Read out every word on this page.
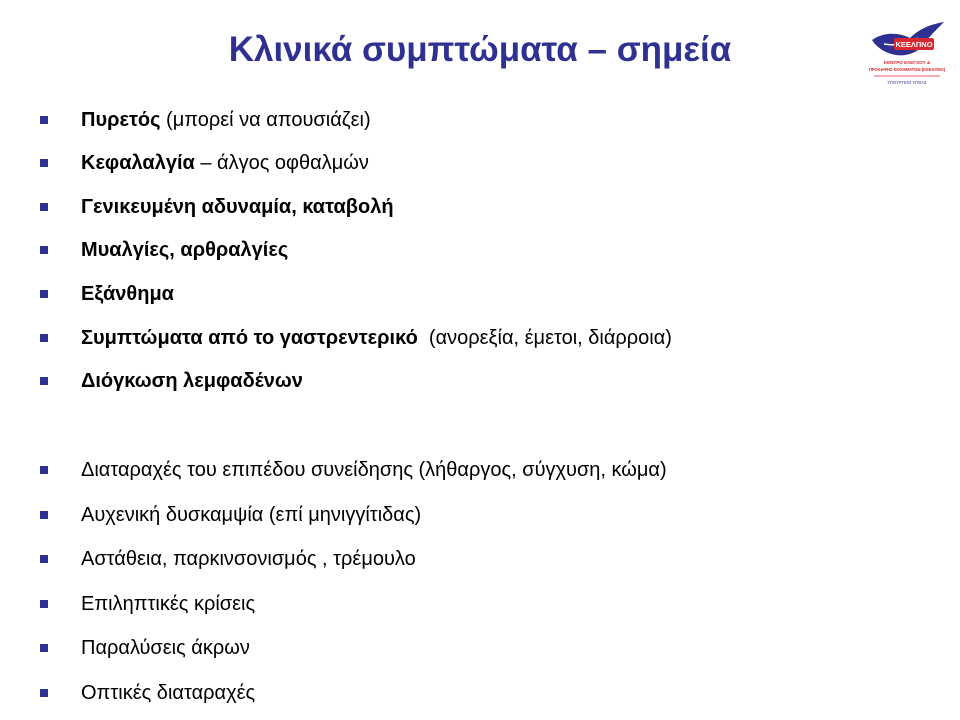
Κλινικά συμπτώματα – σημεία	ΚΕΕΛΠΝΟ
ΚΕΝΤΡΟ ΕΛΕΓΧΟΥ &
ΠΡΟΛΗΨΗΣ ΝΟΣΗΜΑΤΩΝ (ΚΕΕΛΠΝΟ)
ΥΠΟΥΡΓΕΙΟ ΥΓΕΙΑΣ
Πυρετός (μπορεί να απουσιάζει)
Κεφαλαλγία – άλγος οφθαλμών
Γενικευμένη αδυναμία, καταβολή
Μυαλγίες, αρθραλγίες
Εξάνθημα
Συμπτώματα από το γαστρεντερικό  (ανορεξία, έμετοι, διάρροια)
Διόγκωση λεμφαδένων
Διαταραχές του επιπέδου συνείδησης (λήθαργος, σύγχυση, κώμα)
Αυχενική δυσκαμψία (επί μηνιγγίτιδας)
Αστάθεια, παρκινσονισμός , τρέμουλο
Επιληπτικές κρίσεις
Παραλύσεις άκρων
Οπτικές διαταραχές
